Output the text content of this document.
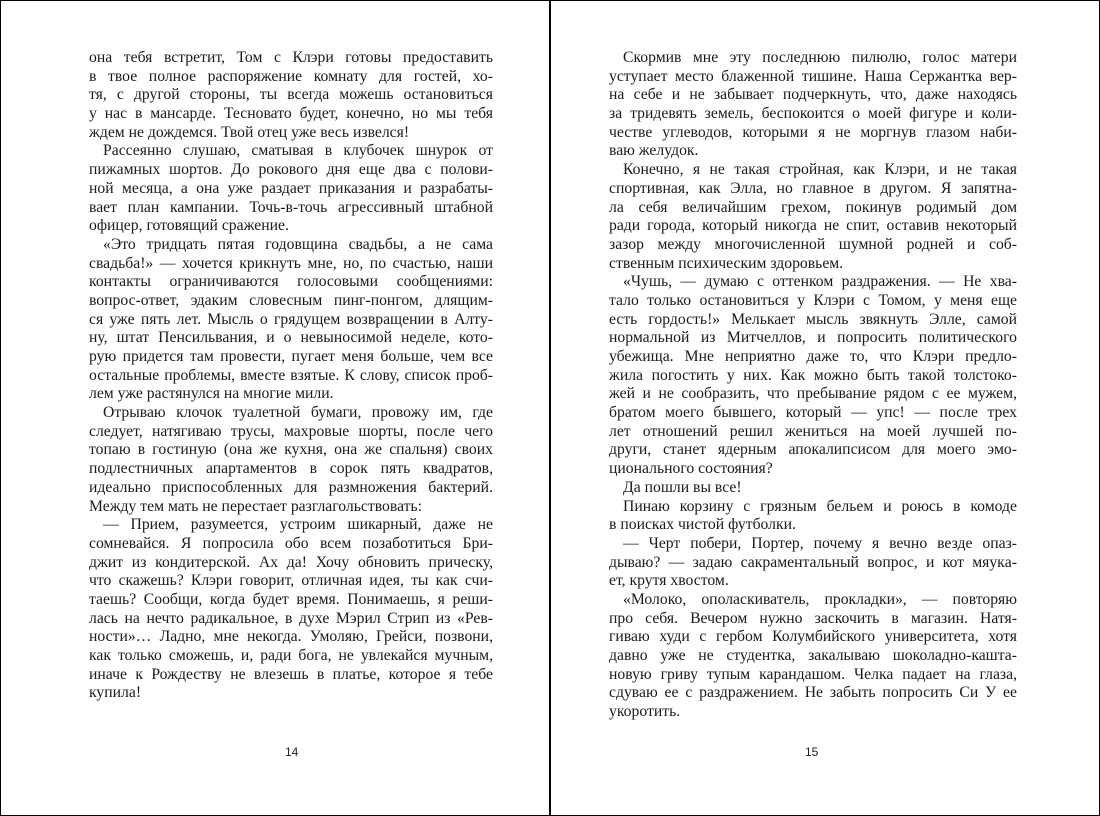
она тебя встретит, Том с Клэри готовы предоставить
в твое полное распоряжение комнату для гостей, хо-
тя, с другой стороны, ты всегда можешь остановиться
у нас в мансарде. Тесновато будет, конечно, но мы тебя
ждем не дождемся. Твой отец уже весь извелся!
Рассеянно слушаю, сматывая в клубочек шнурок от
пижамных шортов. До рокового дня еще два с полови-
ной месяца, а она уже раздает приказания и разрабаты-
вает план кампании. Точь-в-точь агрессивный штабной
офицер, готовящий сражение.
«Это тридцать пятая годовщина свадьбы, а не сама
свадьба!» — хочется крикнуть мне, но, по счастью, наши
контакты ограничиваются голосовыми сообщениями:
вопрос-ответ, эдаким словесным пинг-понгом, длящим-
ся уже пять лет. Мысль о грядущем возвращении в Алту-
ну, штат Пенсильвания, и о невыносимой неделе, кото-
рую придется там провести, пугает меня больше, чем все
остальные проблемы, вместе взятые. К слову, список проб-
лем уже растянулся на многие мили.
Отрываю клочок туалетной бумаги, провожу им, где
следует, натягиваю трусы, махровые шорты, после чего
топаю в гостиную (она же кухня, она же спальня) своих
подлестничных апартаментов в сорок пять квадратов,
идеально приспособленных для размножения бактерий.
Между тем мать не перестает разглагольствовать:
— Прием, разумеется, устроим шикарный, даже не
сомневайся. Я попросила обо всем позаботиться Бри-
джит из кондитерской. Ах да! Хочу обновить прическу,
что скажешь? Клэри говорит, отличная идея, ты как счи-
таешь? Сообщи, когда будет время. Понимаешь, я реши-
лась на нечто радикальное, в духе Мэрил Стрип из «Рев-
ности»… Ладно, мне некогда. Умоляю, Грейси, позвони,
как только сможешь, и, ради бога, не увлекайся мучным,
иначе к Рождеству не влезешь в платье, которое я тебе
купила!
14
Скормив мне эту последнюю пилюлю, голос матери
уступает место блаженной тишине. Наша Сержантка вер-
на себе и не забывает подчеркнуть, что, даже находясь
за тридевять земель, беспокоится о моей фигуре и коли-
честве углеводов, которыми я не моргнув глазом наби-
ваю желудок.
Конечно, я не такая стройная, как Клэри, и не такая
спортивная, как Элла, но главное в другом. Я запятна-
ла себя величайшим грехом, покинув родимый дом
ради города, который никогда не спит, оставив некоторый
зазор между многочисленной шумной родней и соб-
ственным психическим здоровьем.
«Чушь, — думаю с оттенком раздражения. — Не хва-
тало только остановиться у Клэри с Томом, у меня еще
есть гордость!» Мелькает мысль звякнуть Элле, самой
нормальной из Митчеллов, и попросить политического
убежища. Мне неприятно даже то, что Клэри предло-
жила погостить у них. Как можно быть такой толстоко-
жей и не сообразить, что пребывание рядом с ее мужем,
братом моего бывшего, который — упс! — после трех
лет отношений решил жениться на моей лучшей по-
други, станет ядерным апокалипсисом для моего эмо-
ционального состояния?
Да пошли вы все!
Пинаю корзину с грязным бельем и роюсь в комоде
в поисках чистой футболки.
— Черт побери, Портер, почему я вечно везде опаз-
дываю? — задаю сакраментальный вопрос, и кот мяукa-
ет, крутя хвостом.
«Молоко, ополаскиватель, прокладки», — повторяю
про себя. Вечером нужно заскочить в магазин. Натя-
гиваю худи с гербом Колумбийского университета, хотя
давно уже не студентка, закалываю шоколадно-кашта-
новую гриву тупым карандашом. Челка падает на глаза,
сдуваю ее с раздражением. Не забыть попросить Си У ее
укоротить.
15
